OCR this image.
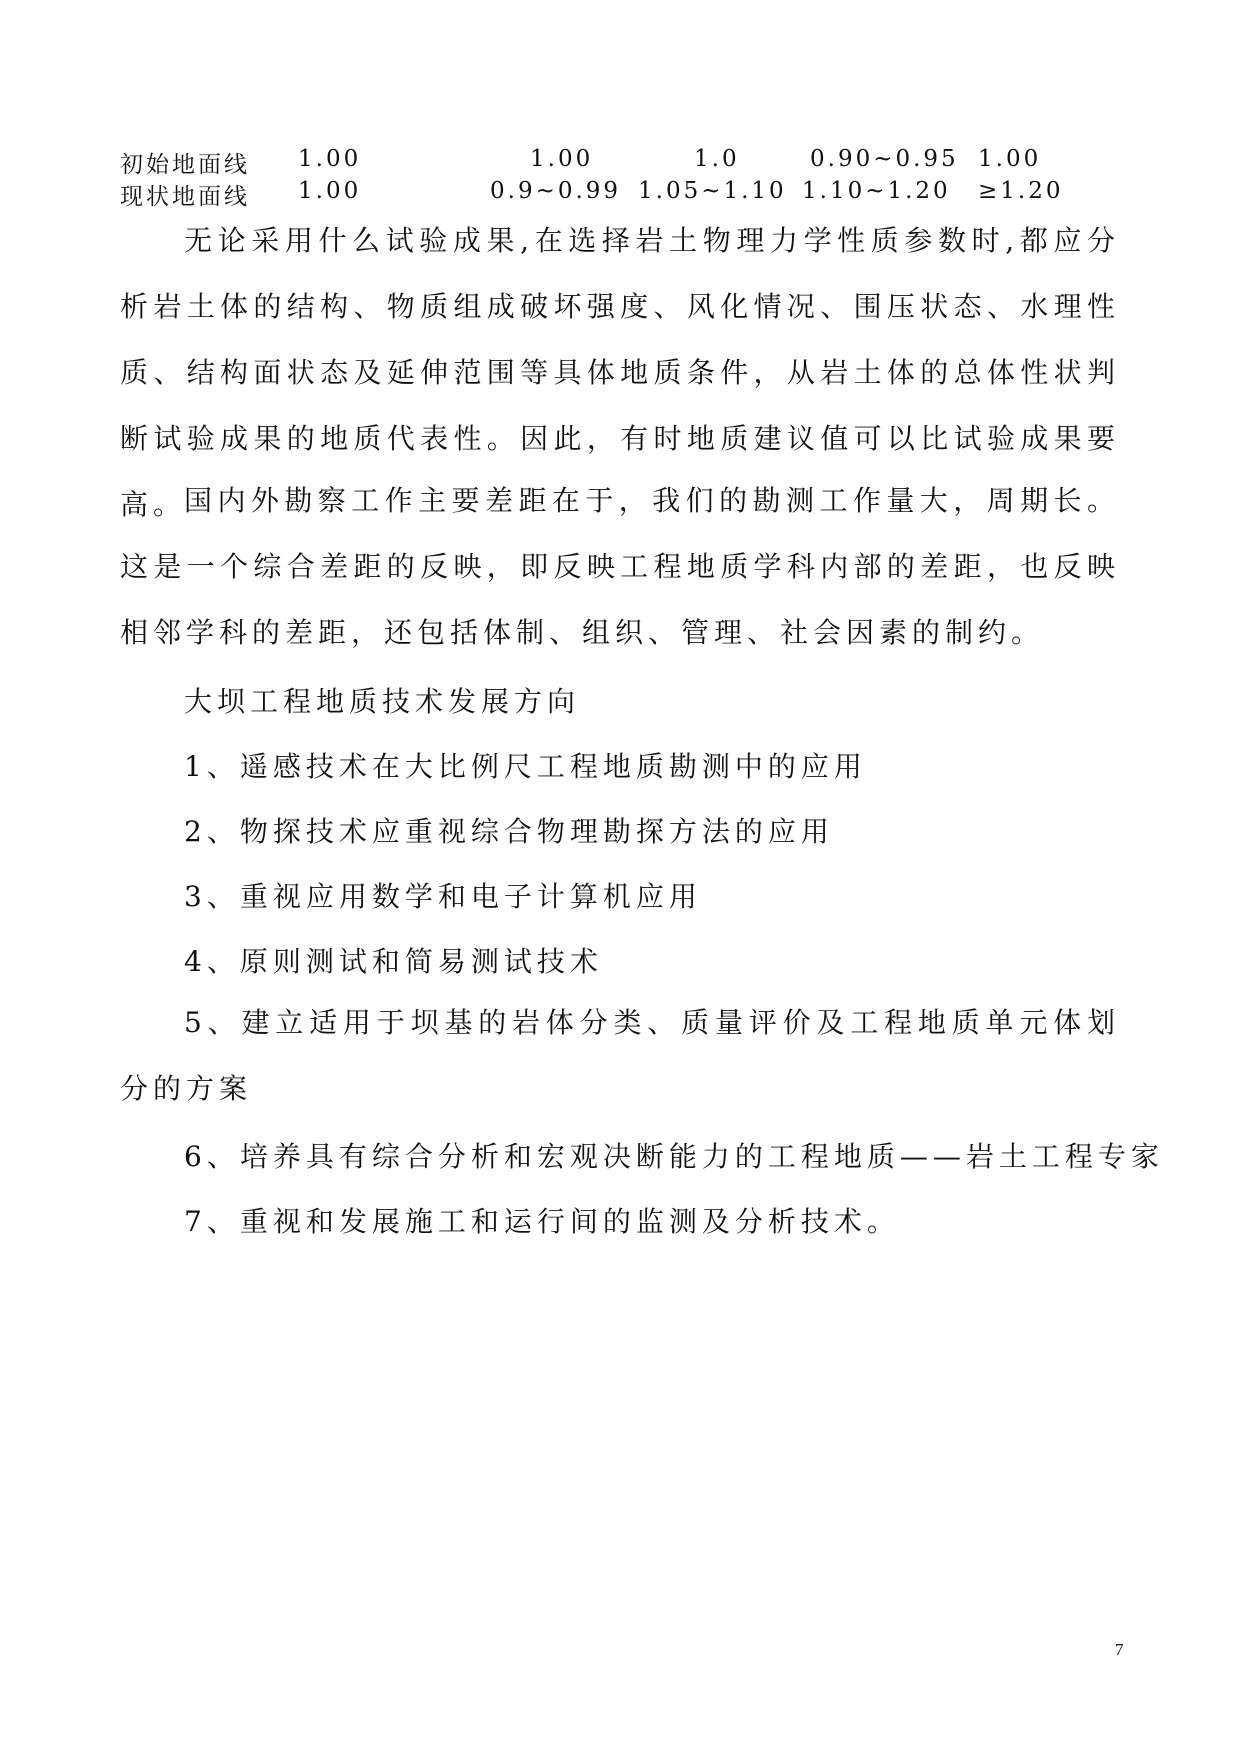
初始地面线 1.00	1.00	1.0	0.90~0.95 1.00
现状地面线 1.00	0.9~0.99 1.05~1.10 1.10~1.20 ≥1.20

无论采用什么试验成果,在选择岩土物理力学性质参数时,都应分析岩土体的结构、物质组成破坏强度、风化情况、围压状态、水理性质、结构面状态及延伸范围等具体地质条件，从岩土体的总体性状判断试验成果的地质代表性。因此，有时地质建议值可以比试验成果要高。

国内外勘察工作主要差距在于，我们的勘测工作量大，周期长。这是一个综合差距的反映，即反映工程地质学科内部的差距，也反映相邻学科的差距，还包括体制、组织、管理、社会因素的制约。

大坝工程地质技术发展方向

1、遥感技术在大比例尺工程地质勘测中的应用

2、物探技术应重视综合物理勘探方法的应用

3、重视应用数学和电子计算机应用

4、原则测试和简易测试技术

5、建立适用于坝基的岩体分类、质量评价及工程地质单元体划分的方案

6、培养具有综合分析和宏观决断能力的工程地质——岩土工程专家

7、重视和发展施工和运行间的监测及分析技术。

7
